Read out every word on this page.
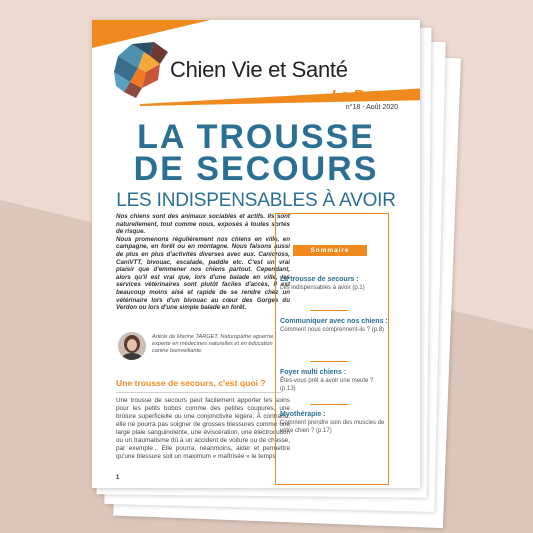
Chien Vie et Santé
La Revue
n°18 - Août 2020
LA TROUSSE
DE SECOURS
LES INDISPENSABLES À AVOIR

Nos chiens sont des animaux sociables et actifs. Ils sont naturellement, tout comme nous, exposés à toutes sortes de risque.

Nous promenons régulièrement nos chiens en ville, en campagne, en forêt ou en montagne. Nous faisons aussi de plus en plus d'activités diverses avec eux. Canicross, CaniVTT, bivouac, escalade, paddle etc. C'est un vrai plaisir que d'emmener nos chiens partout. Cependant, alors qu'il est vrai que, lors d'une balade en ville, les services vétérinaires sont plutôt faciles d'accès, il est beaucoup moins aisé et rapide de se rendre chez un vétérinaire lors d'un bivouac au cœur des Gorges du Verdon ou lors d'une simple balade en forêt.

Article de Marine TARGET, Naturopathe aguerrie, experte en médecines naturelles et en éducation canine bienveillante.
Une trousse de secours, c'est quoi ?
Une trousse de secours peut facilement apporter les soins pour les petits bobos comme des petites coupures, une brûlure superficielle ou une conjonctivite légère. À contrario, elle ne pourra pas soigner de grosses blessures comme une large plaie sanguinolente, une éviscération, une électrocution ou un traumatisme dû à un accident de voiture ou de chasse, par exemple... Elle pourra, néanmoins, aider et permettre qu'une blessure soit un maximum « maîtrisée » le temps
1
Sommaire
La trousse de secours :
Les indispensables à avoir (p.1)
Communiquer avec nos chiens :
Comment nous comprennent-ils ? (p.8)
Foyer multi chiens :
Êtes-vous prêt à avoir une meute ? (p.13)
Myothérapie :
Comment prendre soin des muscles de votre chien ? (p.17)
